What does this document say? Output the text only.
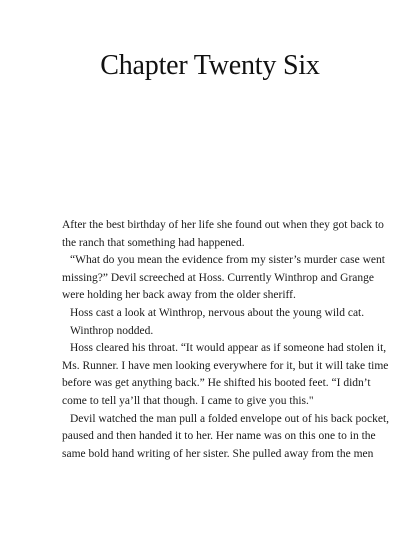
Chapter Twenty Six

After the best birthday of her life she found out when they got back to
the ranch that something had happened.

“What do you mean the evidence from my sister’s murder case went
missing?” Devil screeched at Hoss. Currently Winthrop and Grange
were holding her back away from the older sheriff.

Hoss cast a look at Winthrop, nervous about the young wild cat.

Winthrop nodded.

Hoss cleared his throat. “It would appear as if someone had stolen it,
Ms. Runner. I have men looking everywhere for it, but it will take time
before was get anything back.” He shifted his booted feet. “I didn’t
come to tell ya’ll that though. I came to give you this."

Devil watched the man pull a folded envelope out of his back pocket,
paused and then handed it to her. Her name was on this one to in the
same bold hand writing of her sister. She pulled away from the men
